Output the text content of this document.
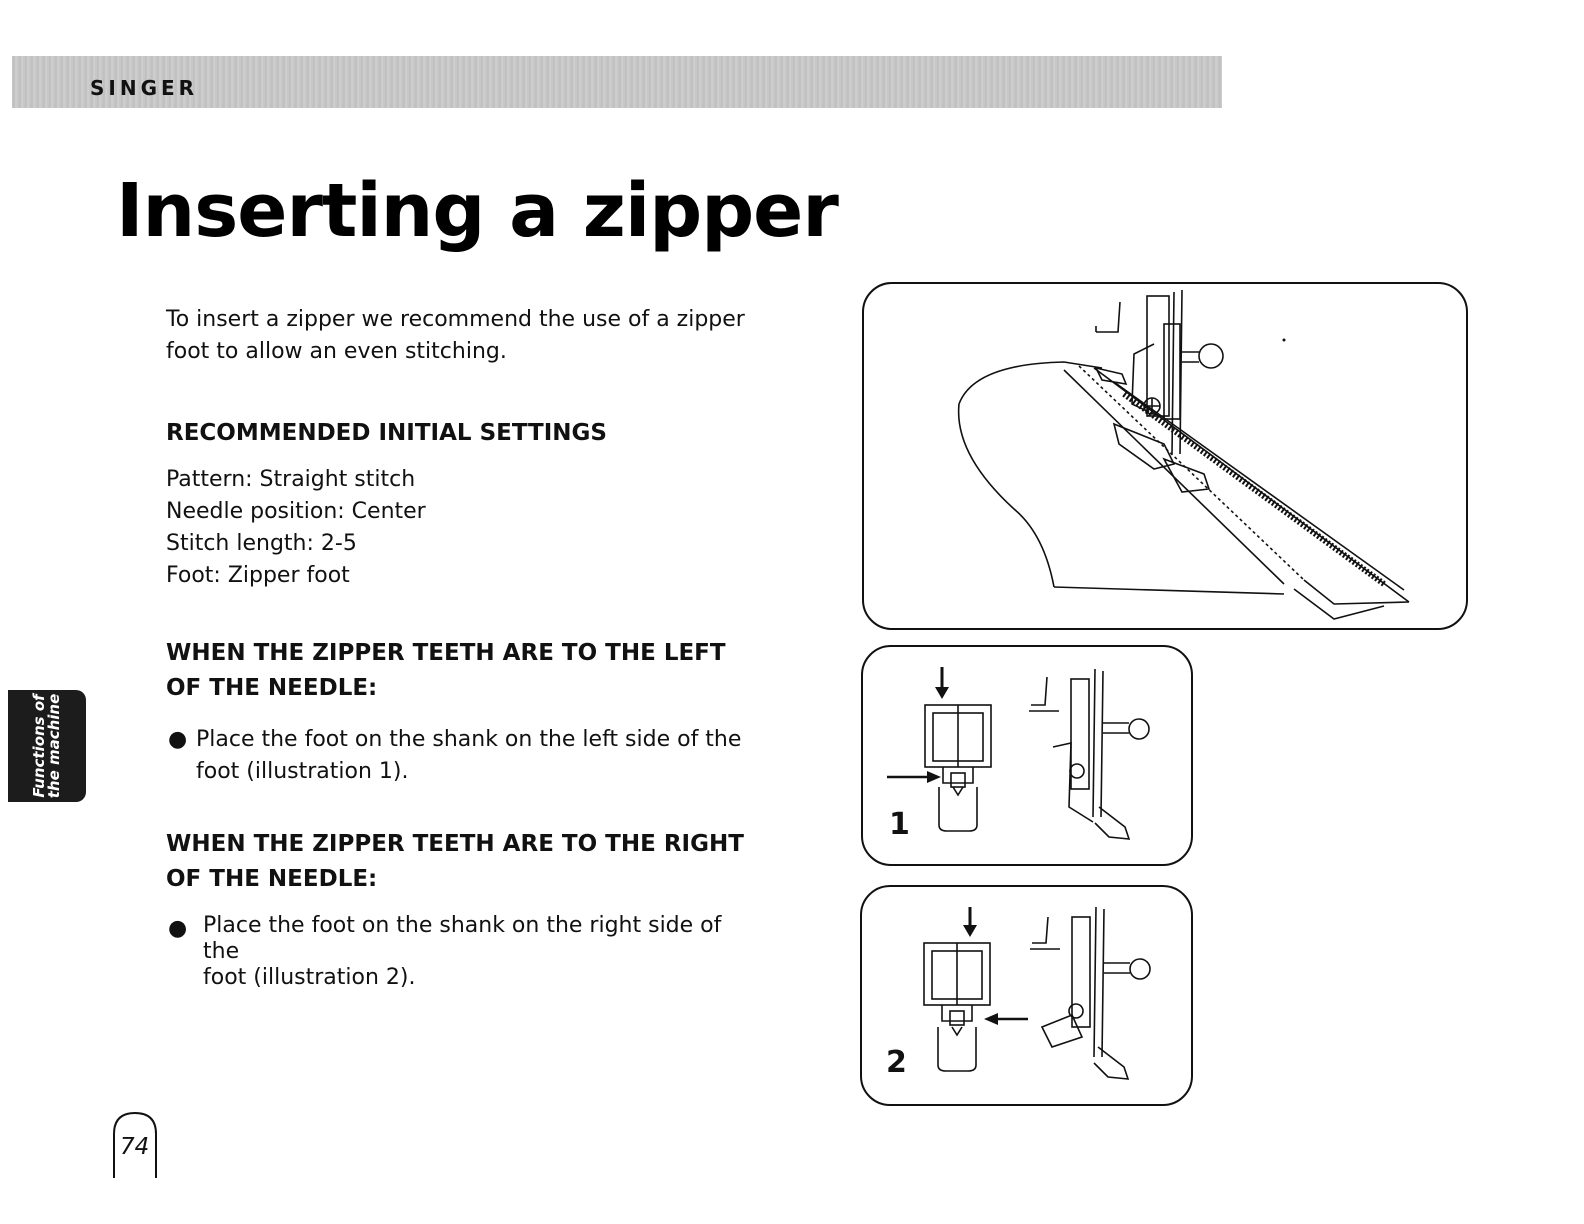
SINGER
Inserting a zipper
To insert a zipper we recommend the use of a zipper foot to allow an even stitching.
RECOMMENDED INITIAL SETTINGS
Pattern: Straight stitch
Needle position: Center
Stitch length: 2-5
Foot: Zipper foot
WHEN THE ZIPPER TEETH ARE TO THE LEFT
OF THE NEEDLE:
● Place the foot on the shank on the left side of the
foot (illustration 1).
WHEN THE ZIPPER TEETH ARE TO THE RIGHT
OF THE NEEDLE:
● Place the foot on the shank on the right side of the
foot (illustration 2).
Functions of
the machine
74
1
2
